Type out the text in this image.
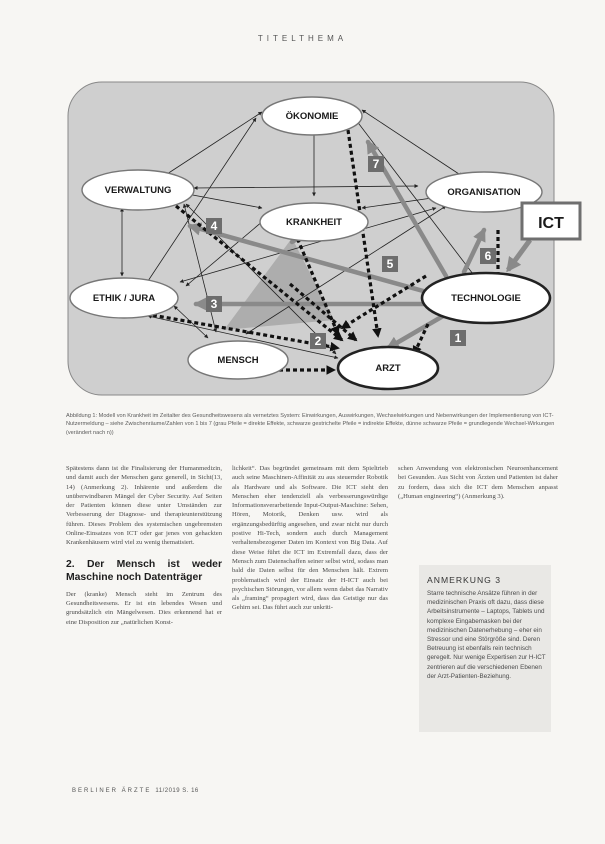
TITELTHEMA
ÖKONOMIE
VERWALTUNG	ORGANISATION
KRANKHEIT
ETHIK / JURA	TECHNOLOGIE
MENSCH
ARZT
ICT
1
2
3
4
5
6
7
Abbildung 1: Modell von Krankheit im Zeitalter des Gesundheitswesens als vernetztes System: Einwirkungen, Auswirkungen, Wechselwirkungen und Nebenwirkungen der Implementierung von ICT-Nutzermeldung – siehe Zwischenräume/Zahlen von 1 bis 7 (grau Pfeile = direkte Effekte, schwarze gestrichelte Pfeile = indirekte Effekte, dünne schwarze Pfeile = grundlegende Wechsel-Wirkungen (verändert nach n))

Spätestens dann ist die Finalisierung der Humanmedizin, und damit auch der Menschen ganz generell, in Sicht(13, 14) (Anmerkung 2). Inhärente und außerdem die unüberwindbaren Mängel der Cyber Security. Auf Seiten der Patienten können diese unter Umständen zur Verbesserung der Diagnose- und therapieunterstützung führen. Dieses Problem des systemischen ungebremsten Online-Einsatzes von ICT oder gar jenes von gehackten Krankenhäusern wird viel zu wenig thematisiert.

2. Der Mensch ist weder Maschine noch Datenträger

Der (kranke) Mensch steht im Zentrum des Gesundheitswesens. Er ist ein lebendes Wesen und grundsätzlich ein Mängelwesen. Dies erkennend hat er eine Disposition zur „natürlichen Konst-

lichkeit“. Das begründet gemeinsam mit dem Spieltrieb auch seine Maschinen-Affinität zu aus steuernder Robotik als Hardware und als Software. Die ICT sieht den Menschen eher tendenziell als verbesserungswürdige Informationsverarbeitende Input-Output-Maschine: Sehen, Hören, Motorik, Denken usw. wird als ergänzungsbedürftig angesehen, und zwar nicht nur durch postive Hi-Tech, sondern auch durch Management verhaltensbezogener Daten im Kontext von Big Data. Auf diese Weise führt die ICT im Extremfall dazu, dass der Mensch zum Datenschaffen seiner selbst wird, sodass man bald die Daten selbst für den Menschen hält. Extrem problematisch wird der Einsatz der H-ICT auch bei psychischen Störungen, vor allem wenn dabei das Narrativ als „framing“ propagiert wird, dass das Geistige nur das Gehirn sei. Das führt auch zur unkriti-

schen Anwendung von elektronischen Neuroenhancement bei Gesunden. Aus Sicht von Ärzten und Patienten ist daher zu fordern, dass sich die ICT dem Menschen anpasst („Human engineering“) (Anmerkung 3).

ANMERKUNG 3
Starre technische Ansätze führen in der medizinischen Praxis oft dazu, dass diese Arbeitsinstrumente – Laptops, Tablets und komplexe Eingabemasken bei der medizinischen Datenerhebung – eher ein Stressor und eine Störgröße sind. Deren Betreuung ist ebenfalls rein technisch geregelt. Nur wenige Expertisen zur H-ICT zentrieren auf die verschiedenen Ebenen der Arzt-Patienten-Beziehung.
BERLINER ÄRZTE 11/2019 S. 16
